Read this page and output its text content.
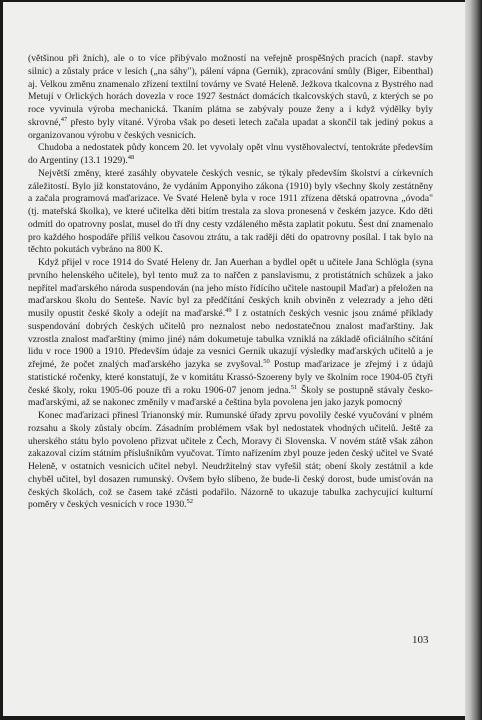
(většinou při žních), ale o to více přibývalo možností na veřejně prospěšných pracích (např. stavby silnic) a zůstaly práce v lesích („na sáhy"), pálení vápna (Gernik), zpracování smůly (Biger, Eibenthal) aj. Velkou změnu znamenalo zřízení textilní továrny ve Svaté Heleně. Ježkova tkalcovna z Bystrého nad Metují v Orlických horách dovezla v roce 1927 šestnáct domácích tkalcovských stavů, z kterých se po roce vyvinula výroba mechanická. Tkaním plátna se zabývaly pouze ženy a i když výdělky byly skrovné,$^{47}$ přesto byly vítané. Výroba však po deseti letech začala upadat a skončil tak jediný pokus a organizovanou výrobu v českých vesnicích.

Chudoba a nedostatek půdy koncem 20. let vyvolaly opět vlnu vystěhovalectví, tentokráte především do Argentiny (13.1 1929).$^{48}$

Největší změny, které zasáhly obyvatele českých vesnic, se týkaly především školství a církevních záležitostí. Bylo již konstatováno, že vydáním Apponyiho zákona (1910) byly všechny školy zestátněny a začala programová maďarizace. Ve Svaté Heleně byla v roce 1911 zřízena dětská opatrovna „óvoda" (tj. mateřská školka), ve které učitelka děti bitím trestala za slova pronesená v českém jazyce. Kdo děti odmítl do opatrovny poslat, musel do tří dny cesty vzdáleného města zaplatit pokutu. Šest dní znamenalo pro každého hospodáře příliš velkou časovou ztrátu, a tak raději děti do opatrovny posílal. I tak bylo na těchto pokutách vybráno na 800 K.

Když přijel v roce 1914 do Svaté Heleny dr. Jan Auerhan a bydlel opět u učitele Jana Schlögla (syna prvního helenského učitele), byl tento muž za to nařčen z panslavismu, z protistátních schůzek a jako nepřítel maďarského národa suspendován (na jeho místo řídícího učitele nastoupil Maďar) a přeložen na maďarskou školu do Senteše. Navíc byl za předčítání českých knih obviněn z velezrady a jeho děti musily opustit české školy a odejít na maďarské.$^{49}$ I z ostatních českých vesnic jsou známé příklady suspendování dobrých českých učitelů pro neznalost nebo nedostatečnou znalost maďarštiny. Jak vzrostla znalost maďarštiny (mimo jiné) nám dokumetuje tabulka vzniklá na základě oficiálního sčítání lidu v roce 1900 a 1910. Především údaje za vesnici Gernik ukazují výsledky maďarských učitelů a je zřejmé, že počet znalých maďarského jazyka se zvyšoval.$^{50}$ Postup maďarizace je zřejmý i z údajů statistické ročenky, které konstatují, že v komitátu Krassó-Szoereny byly ve školním roce 1904-05 čtyři české školy, roku 1905-06 pouze tři a roku 1906-07 jenom jedna.$^{51}$ Školy se postupně stávaly česko-maďarskými, až se nakonec změnily v maďarské a čeština byla povolena jen jako jazyk pomocný

Konec maďarizaci přinesl Trianonský mír. Rumunské úřady zprvu povolily české vyučování v plném rozsahu a školy zůstaly obcím. Zásadním problémem však byl nedostatek vhodných učitelů. Ještě za uherského státu bylo povoleno přizvat učitele z Čech, Moravy či Slovenska. V novém státě však záhon zakazoval cizím státním příslušníkům vyučovat. Tímto nařízením zbyl pouze jeden český učitel ve Svaté Heleně, v ostatních vesnicích učitel nebyl. Neudržitelný stav vyřešil stát; obení školy zestátnil a kde chyběl učitel, byl dosazen rumunský. Ovšem było slíbeno, že bude-li český dorost, bude umisťován na českých školách, což se časem také zčásti podařilo. Názorně to ukazuje tabulka zachycující kulturní poměry v českých vesnicích v roce 1930.52

103
